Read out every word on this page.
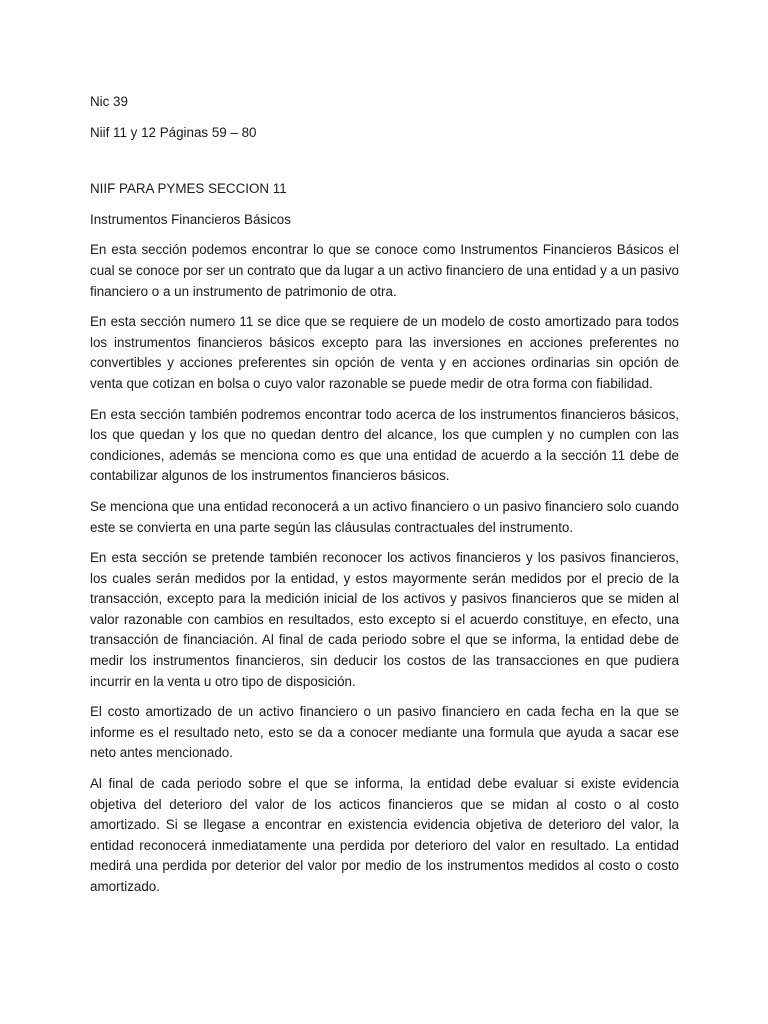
Nic 39

Niif 11 y 12 Páginas 59 – 80

NIIF PARA PYMES SECCION 11

Instrumentos Financieros Básicos

En esta sección podemos encontrar lo que se conoce como Instrumentos Financieros Básicos el cual se conoce por ser un contrato que da lugar a un activo financiero de una entidad y a un pasivo financiero o a un instrumento de patrimonio de otra.

En esta sección numero 11 se dice que se requiere de un modelo de costo amortizado para todos los instrumentos financieros básicos excepto para las inversiones en acciones preferentes no convertibles y acciones preferentes sin opción de venta y en acciones ordinarias sin opción de venta que cotizan en bolsa o cuyo valor razonable se puede medir de otra forma con fiabilidad.

En esta sección también podremos encontrar todo acerca de los instrumentos financieros básicos, los que quedan y los que no quedan dentro del alcance, los que cumplen y no cumplen con las condiciones, además se menciona como es que una entidad de acuerdo a la sección 11 debe de contabilizar algunos de los instrumentos financieros básicos.

Se menciona que una entidad reconocerá a un activo financiero o un pasivo financiero solo cuando este se convierta en una parte según las cláusulas contractuales del instrumento.

En esta sección se pretende también reconocer los activos financieros y los pasivos financieros, los cuales serán medidos por la entidad, y estos mayormente serán medidos por el precio de la transacción, excepto para la medición inicial de los activos y pasivos financieros que se miden al valor razonable con cambios en resultados, esto excepto si el acuerdo constituye, en efecto, una transacción de financiación. Al final de cada periodo sobre el que se informa, la entidad debe de medir los instrumentos financieros, sin deducir los costos de las transacciones en que pudiera incurrir en la venta u otro tipo de disposición.

El costo amortizado de un activo financiero o un pasivo financiero en cada fecha en la que se informe es el resultado neto, esto se da a conocer mediante una formula que ayuda a sacar ese neto antes mencionado.

Al final de cada periodo sobre el que se informa, la entidad debe evaluar si existe evidencia objetiva del deterioro del valor de los acticos financieros que se midan al costo o al costo amortizado. Si se llegase a encontrar en existencia evidencia objetiva de deterioro del valor, la entidad reconocerá inmediatamente una perdida por deterioro del valor en resultado. La entidad medirá una perdida por deterior del valor por medio de los instrumentos medidos al costo o costo amortizado.
